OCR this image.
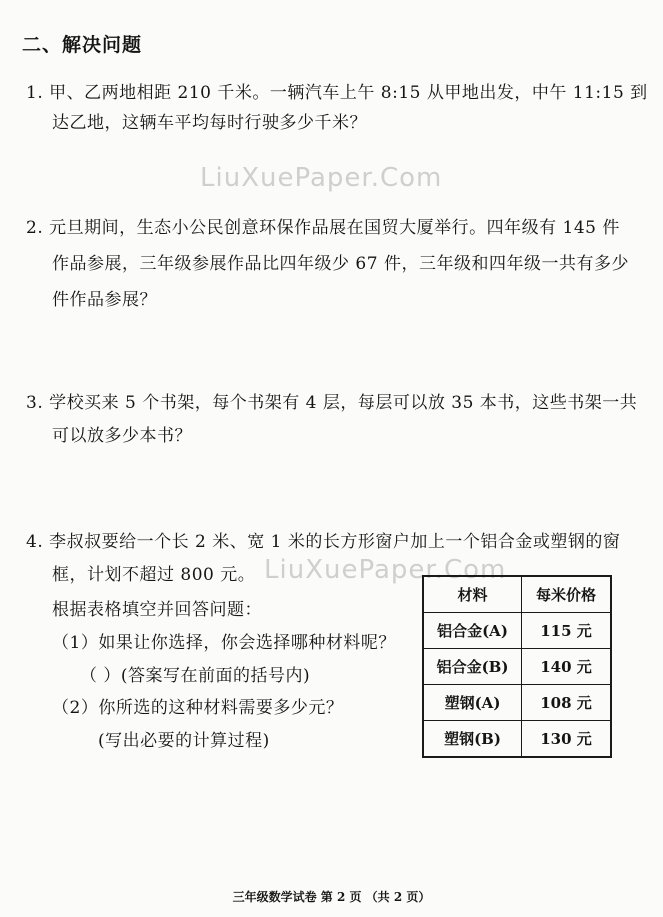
二、解决问题
1. 甲、乙两地相距 210 千米。一辆汽车上午 8:15 从甲地出发，中午 11:15 到
达乙地，这辆车平均每时行驶多少千米？
LiuXuePaper.Com
2. 元旦期间，生态小公民创意环保作品展在国贸大厦举行。四年级有 145 件
作品参展，三年级参展作品比四年级少 67 件，三年级和四年级一共有多少
件作品参展？
3. 学校买来 5 个书架，每个书架有 4 层，每层可以放 35 本书，这些书架一共
可以放多少本书？
4. 李叔叔要给一个长 2 米、宽 1 米的长方形窗户加上一个铝合金或塑钢的窗
框，计划不超过 800 元。 LiuXuePaper.Com
根据表格填空并回答问题：
（1）如果让你选择，你会选择哪种材料呢？
（ ）(答案写在前面的括号内)
（2）你所选的这种材料需要多少元？
(写出必要的计算过程)
材料	每米价格
铝合金(A)	115 元
铝合金(B)	140 元
塑钢(A)	108 元
塑钢(B)	130 元
三年级数学试卷 第 2 页 （共 2 页）
